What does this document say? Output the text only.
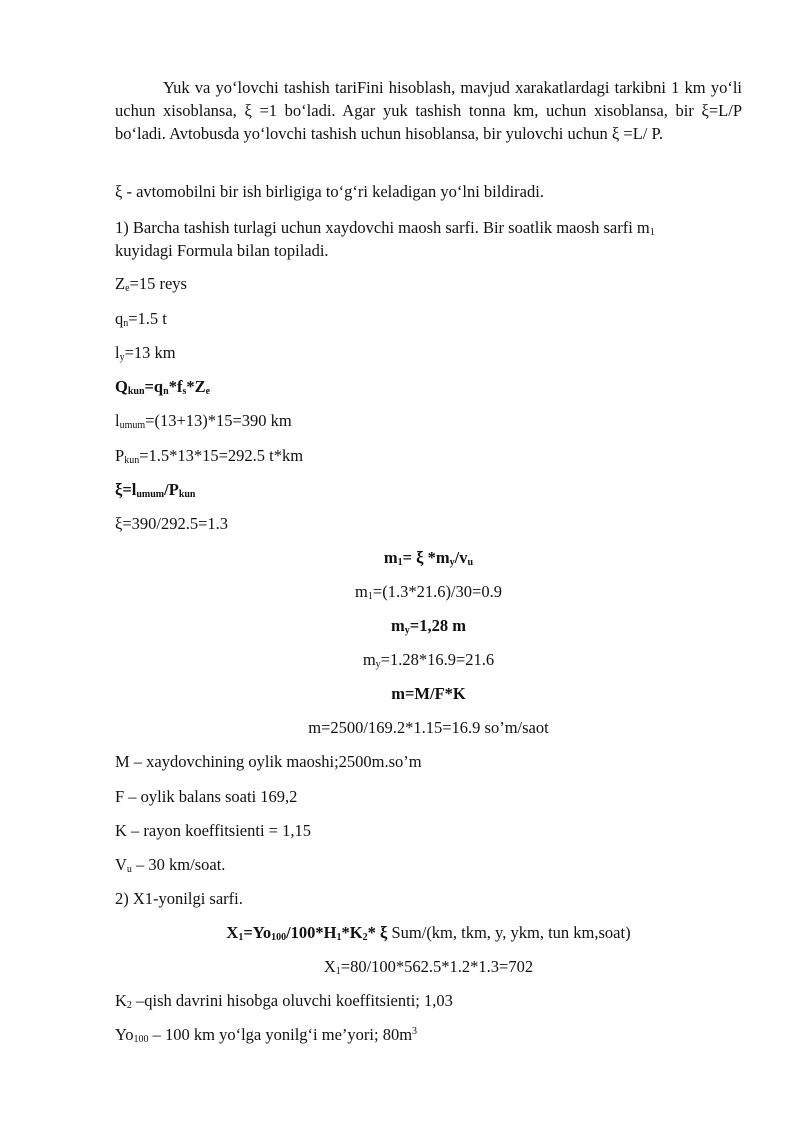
Yuk va yo‘lovchi tashish tariFini hisoblash, mavjud xarakatlardagi tarkibni 1 km yo‘li uchun xisoblansa, ξ =1 bo‘ladi. Agar yuk tashish tonna km, uchun xisoblansa, bir ξ=L/P bo‘ladi. Avtobusda yo‘lovchi tashish uchun hisoblansa, bir yulovchi uchun ξ =L/ P.

ξ - avtomobilni bir ish birligiga to‘g‘ri keladigan yo‘lni bildiradi.

1) Barcha tashish turlagi uchun xaydovchi maosh sarfi. Bir soatlik maosh sarfi $m_1$
kuyidagi Formula bilan topiladi.

$Z_e=15$ reys

$q_n=1.5$ t

$l_y=13$ km

$Q_{kun}=q_n*f_s*Z_e$

$l_{umum}=(13+13)*15=390$ km

$P_{kun}=1.5*13*15=292.5$ t*km

$\xi=l_{umum}/P_{kun}$

ξ=390/292.5=1.3

$m_1= \xi$ $*m_y/v_u$

$m_1=(1.3*21.6)/30=0.9$

$m_y=1,28$ m

$m_y=1.28*16.9=21.6$

m=M/F*K

m=2500/169.2*1.15=16.9 so’m/saot

M – xaydovchining oylik maoshi;2500m.so’m

F – oylik balans soati 169,2

K – rayon koeffitsienti = 1,15

$V_u - 30$ km/soat.

2) X1-yonilgi sarfi.

$X_1=Yo_{100}/100*H_1*K_2*$ ξ Sum/(km, tkm, y, ykm, tun km,soat)

$X_1=80/100*562.5*1.2*1.3=702$

$K_2$ –qish davrini hisobga oluvchi koeffitsienti; 1,03

$Yo_{100} - 100$ km yo‘lga yonilg‘i me’yori; $80m^3$
